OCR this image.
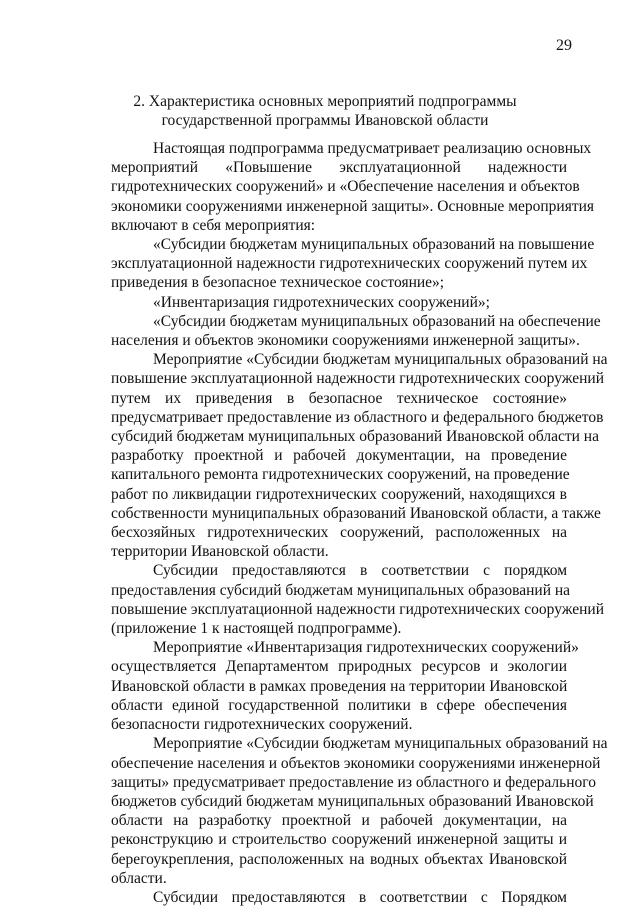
29
2. Характеристика основных мероприятий подпрограммы
государственной программы Ивановской области
Настоящая подпрограмма предусматривает реализацию основных
мероприятий «Повышение эксплуатационной надежности
гидротехнических сооружений» и «Обеспечение населения и объектов
экономики сооружениями инженерной защиты». Основные мероприятия
включают в себя мероприятия:
«Субсидии бюджетам муниципальных образований на повышение
эксплуатационной надежности гидротехнических сооружений путем их
приведения в безопасное техническое состояние»;
«Инвентаризация гидротехнических сооружений»;
«Субсидии бюджетам муниципальных образований на обеспечение
населения и объектов экономики сооружениями инженерной защиты».
Мероприятие «Субсидии бюджетам муниципальных образований на
повышение эксплуатационной надежности гидротехнических сооружений
путем их приведения в безопасное техническое состояние»
предусматривает предоставление из областного и федерального бюджетов
субсидий бюджетам муниципальных образований Ивановской области на
разработку проектной и рабочей документации, на проведение
капитального ремонта гидротехнических сооружений, на проведение
работ по ликвидации гидротехнических сооружений, находящихся в
собственности муниципальных образований Ивановской области, а также
бесхозяйных гидротехнических сооружений, расположенных на
территории Ивановской области.
Субсидии предоставляются в соответствии с порядком
предоставления субсидий бюджетам муниципальных образований на
повышение эксплуатационной надежности гидротехнических сооружений
(приложение 1 к настоящей подпрограмме).
Мероприятие «Инвентаризация гидротехнических сооружений»
осуществляется Департаментом природных ресурсов и экологии
Ивановской области в рамках проведения на территории Ивановской
области единой государственной политики в сфере обеспечения
безопасности гидротехнических сооружений.
Мероприятие «Субсидии бюджетам муниципальных образований на
обеспечение населения и объектов экономики сооружениями инженерной
защиты» предусматривает предоставление из областного и федерального
бюджетов субсидий бюджетам муниципальных образований Ивановской
области на разработку проектной и рабочей документации, на
реконструкцию и строительство сооружений инженерной защиты и
берегоукрепления, расположенных на водных объектах Ивановской
области.
Субсидии предоставляются в соответствии с Порядком
